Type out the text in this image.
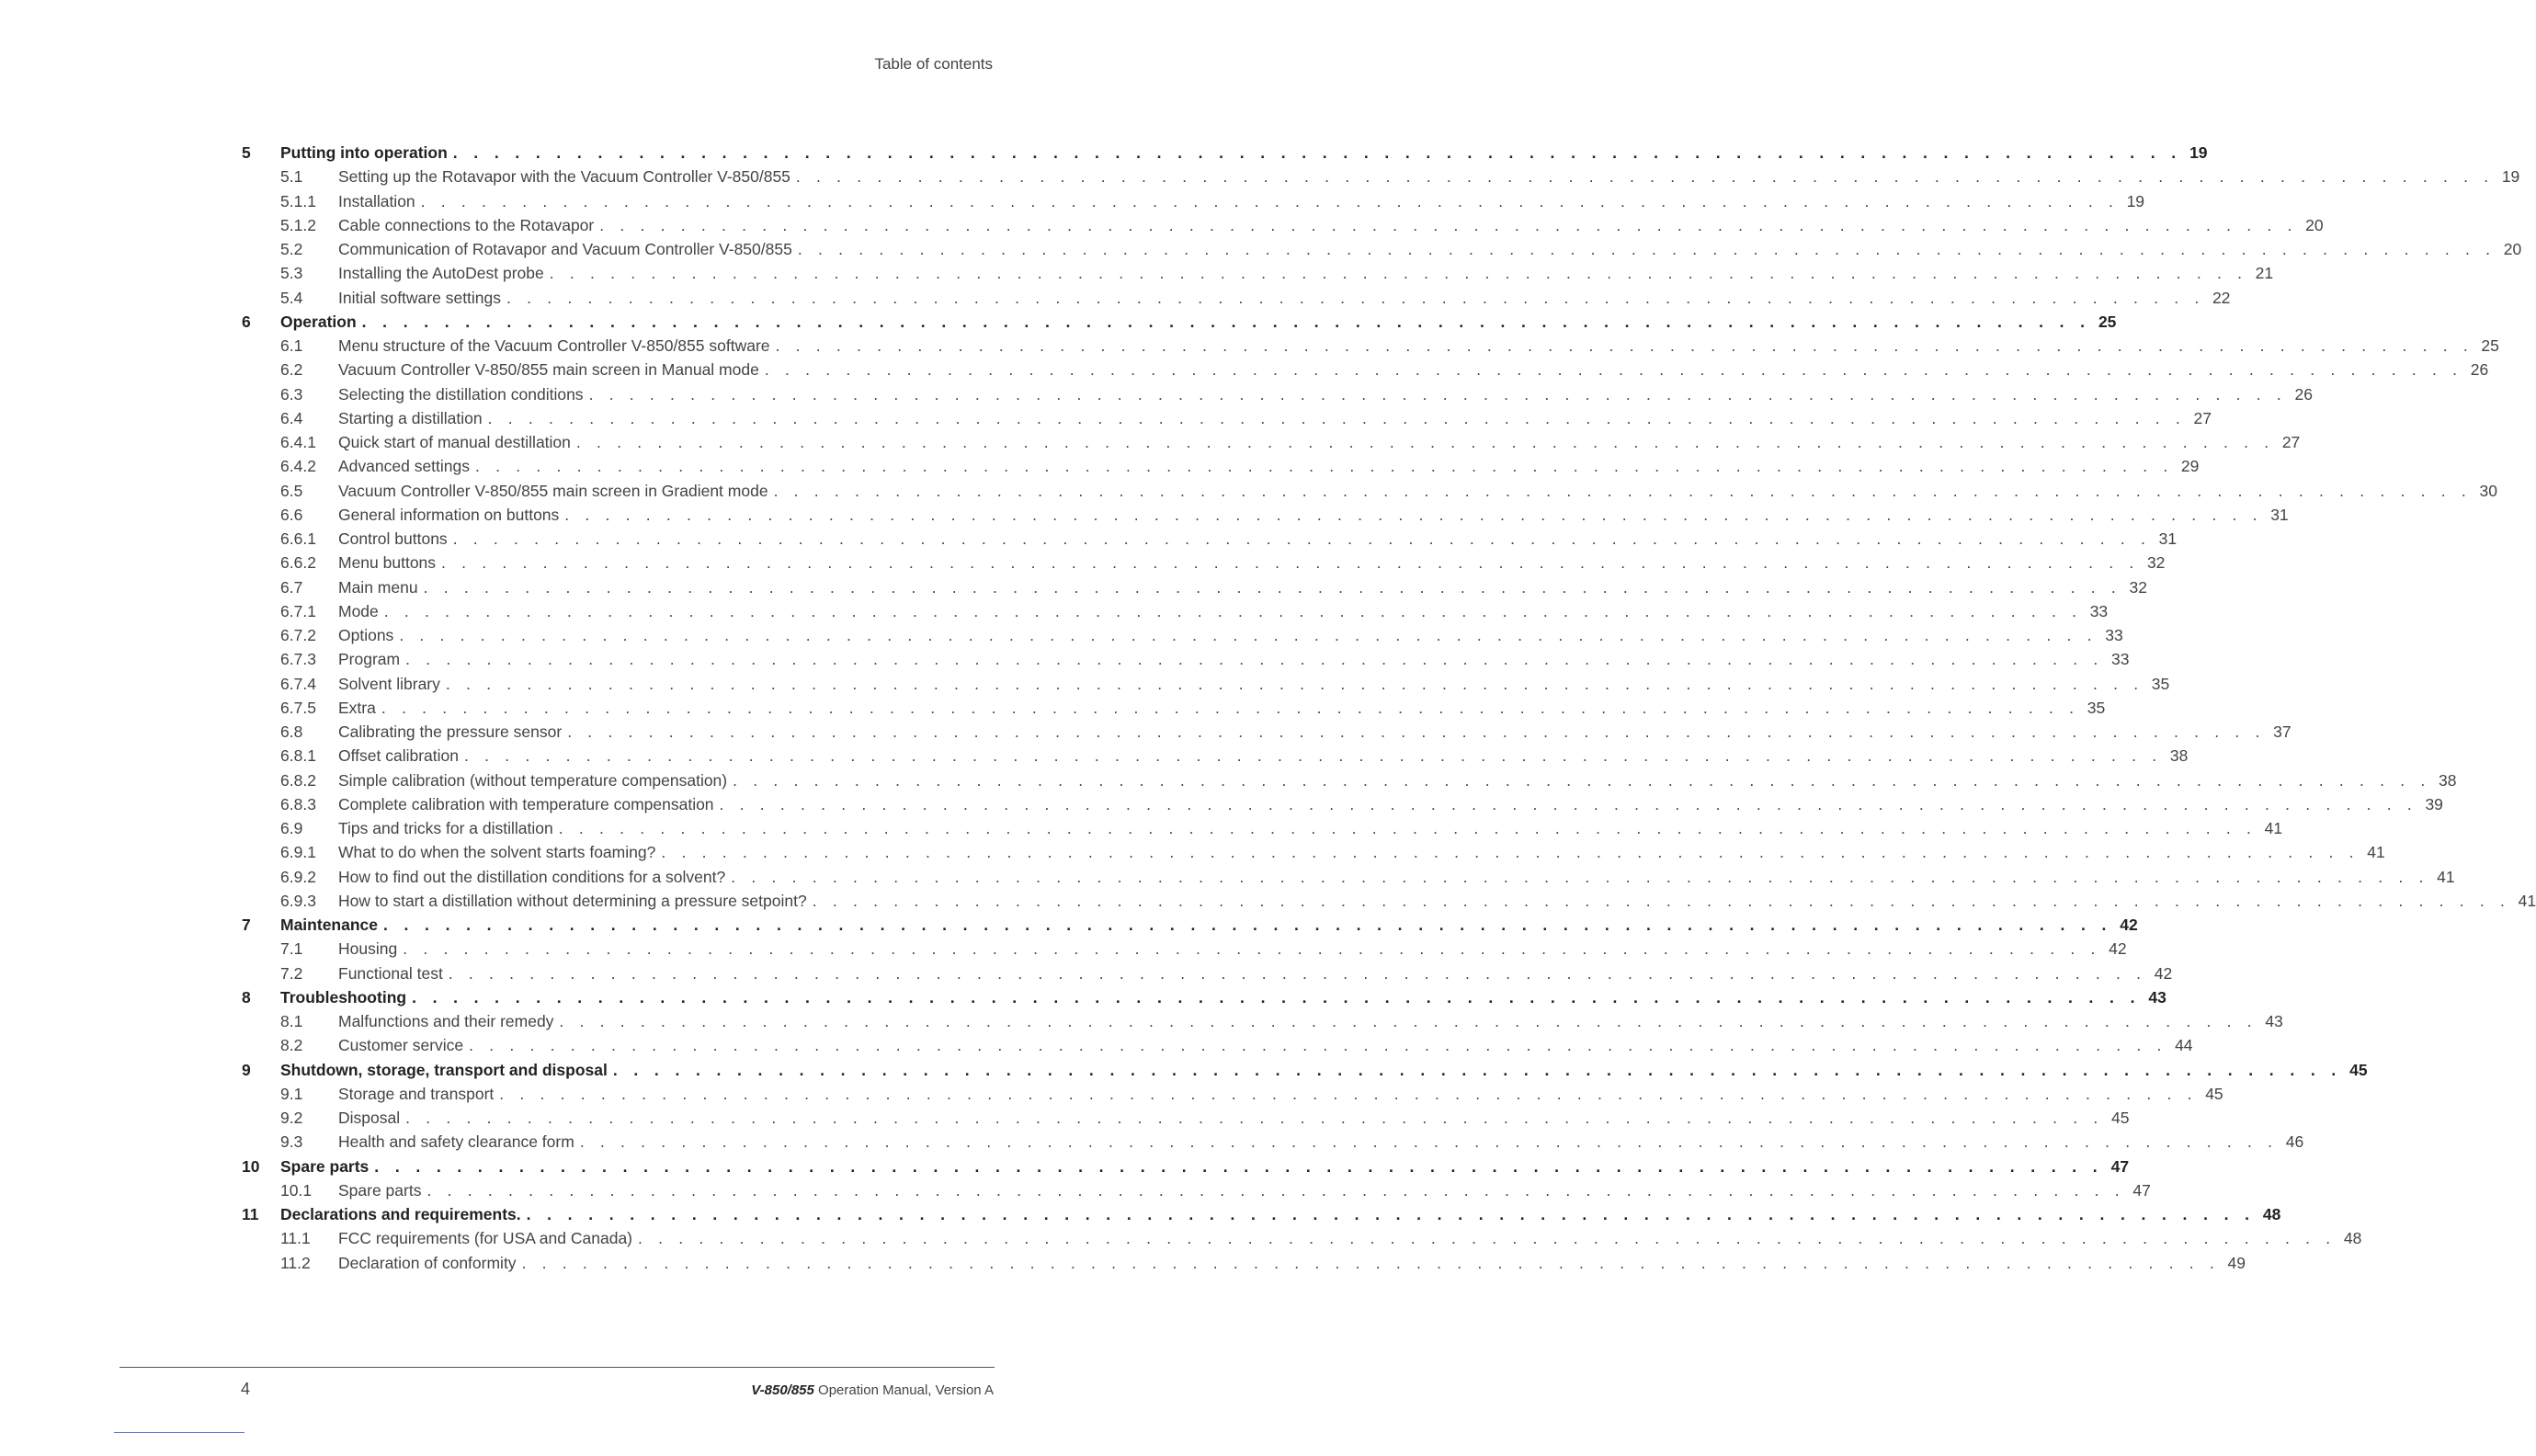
Table of contents
5 Putting into operation . . . . . . . . . . . . . . . . . . . . . . . . . . . . . . . . . . . . . . . . . . . . . . . . . . . . . . . . . . . . . . . . . . . . . . . . . . . . . . . . . . . . 19
5.1 Setting up the Rotavapor with the Vacuum Controller V-850/855 . . . . . . . . . . . . . . . . . . . . . . . . . . . . . . . . . . . . . . . . . . . . . . . . . . . . . . . . . . . . . . . . . . . . . . . . . . . . . . . . . . . . 19
5.1.1 Installation . . . . . . . . . . . . . . . . . . . . . . . . . . . . . . . . . . . . . . . . . . . . . . . . . . . . . . . . . . . . . . . . . . . . . . . . . . . . . . . . . . . . 19
5.1.2 Cable connections to the Rotavapor . . . . . . . . . . . . . . . . . . . . . . . . . . . . . . . . . . . . . . . . . . . . . . . . . . . . . . . . . . . . . . . . . . . . . . . . . . . . . . . . . . . . 20
5.2 Communication of Rotavapor and Vacuum Controller V-850/855 . . . . . . . . . . . . . . . . . . . . . . . . . . . . . . . . . . . . . . . . . . . . . . . . . . . . . . . . . . . . . . . . . . . . . . . . . . . . . . . . . . . . 20
5.3 Installing the AutoDest probe . . . . . . . . . . . . . . . . . . . . . . . . . . . . . . . . . . . . . . . . . . . . . . . . . . . . . . . . . . . . . . . . . . . . . . . . . . . . . . . . . . . . 21
5.4 Initial software settings . . . . . . . . . . . . . . . . . . . . . . . . . . . . . . . . . . . . . . . . . . . . . . . . . . . . . . . . . . . . . . . . . . . . . . . . . . . . . . . . . . . . 22
6 Operation . . . . . . . . . . . . . . . . . . . . . . . . . . . . . . . . . . . . . . . . . . . . . . . . . . . . . . . . . . . . . . . . . . . . . . . . . . . . . . . . . . . . 25
6.1 Menu structure of the Vacuum Controller V-850/855 software . . . . . . . . . . . . . . . . . . . . . . . . . . . . . . . . . . . . . . . . . . . . . . . . . . . . . . . . . . . . . . . . . . . . . . . . . . . . . . . . . . . . 25
6.2 Vacuum Controller V-850/855 main screen in Manual mode . . . . . . . . . . . . . . . . . . . . . . . . . . . . . . . . . . . . . . . . . . . . . . . . . . . . . . . . . . . . . . . . . . . . . . . . . . . . . . . . . . . . 26
6.3 Selecting the distillation conditions . . . . . . . . . . . . . . . . . . . . . . . . . . . . . . . . . . . . . . . . . . . . . . . . . . . . . . . . . . . . . . . . . . . . . . . . . . . . . . . . . . . . 26
6.4 Starting a distillation . . . . . . . . . . . . . . . . . . . . . . . . . . . . . . . . . . . . . . . . . . . . . . . . . . . . . . . . . . . . . . . . . . . . . . . . . . . . . . . . . . . . 27
6.4.1 Quick start of manual destillation . . . . . . . . . . . . . . . . . . . . . . . . . . . . . . . . . . . . . . . . . . . . . . . . . . . . . . . . . . . . . . . . . . . . . . . . . . . . . . . . . . . . 27
6.4.2 Advanced settings . . . . . . . . . . . . . . . . . . . . . . . . . . . . . . . . . . . . . . . . . . . . . . . . . . . . . . . . . . . . . . . . . . . . . . . . . . . . . . . . . . . . 29
6.5 Vacuum Controller V-850/855 main screen in Gradient mode . . . . . . . . . . . . . . . . . . . . . . . . . . . . . . . . . . . . . . . . . . . . . . . . . . . . . . . . . . . . . . . . . . . . . . . . . . . . . . . . . . . . 30
6.6 General information on buttons . . . . . . . . . . . . . . . . . . . . . . . . . . . . . . . . . . . . . . . . . . . . . . . . . . . . . . . . . . . . . . . . . . . . . . . . . . . . . . . . . . . . 31
6.6.1 Control buttons . . . . . . . . . . . . . . . . . . . . . . . . . . . . . . . . . . . . . . . . . . . . . . . . . . . . . . . . . . . . . . . . . . . . . . . . . . . . . . . . . . . . 31
6.6.2 Menu buttons . . . . . . . . . . . . . . . . . . . . . . . . . . . . . . . . . . . . . . . . . . . . . . . . . . . . . . . . . . . . . . . . . . . . . . . . . . . . . . . . . . . . 32
6.7 Main menu . . . . . . . . . . . . . . . . . . . . . . . . . . . . . . . . . . . . . . . . . . . . . . . . . . . . . . . . . . . . . . . . . . . . . . . . . . . . . . . . . . . . 32
6.7.1 Mode . . . . . . . . . . . . . . . . . . . . . . . . . . . . . . . . . . . . . . . . . . . . . . . . . . . . . . . . . . . . . . . . . . . . . . . . . . . . . . . . . . . . 33
6.7.2 Options . . . . . . . . . . . . . . . . . . . . . . . . . . . . . . . . . . . . . . . . . . . . . . . . . . . . . . . . . . . . . . . . . . . . . . . . . . . . . . . . . . . . 33
6.7.3 Program . . . . . . . . . . . . . . . . . . . . . . . . . . . . . . . . . . . . . . . . . . . . . . . . . . . . . . . . . . . . . . . . . . . . . . . . . . . . . . . . . . . . 33
6.7.4 Solvent library . . . . . . . . . . . . . . . . . . . . . . . . . . . . . . . . . . . . . . . . . . . . . . . . . . . . . . . . . . . . . . . . . . . . . . . . . . . . . . . . . . . . 35
6.7.5 Extra . . . . . . . . . . . . . . . . . . . . . . . . . . . . . . . . . . . . . . . . . . . . . . . . . . . . . . . . . . . . . . . . . . . . . . . . . . . . . . . . . . . . 35
6.8 Calibrating the pressure sensor . . . . . . . . . . . . . . . . . . . . . . . . . . . . . . . . . . . . . . . . . . . . . . . . . . . . . . . . . . . . . . . . . . . . . . . . . . . . . . . . . . . . 37
6.8.1 Offset calibration . . . . . . . . . . . . . . . . . . . . . . . . . . . . . . . . . . . . . . . . . . . . . . . . . . . . . . . . . . . . . . . . . . . . . . . . . . . . . . . . . . . . 38
6.8.2 Simple calibration (without temperature compensation) . . . . . . . . . . . . . . . . . . . . . . . . . . . . . . . . . . . . . . . . . . . . . . . . . . . . . . . . . . . . . . . . . . . . . . . . . . . . . . . . . . . . 38
6.8.3 Complete calibration with temperature compensation . . . . . . . . . . . . . . . . . . . . . . . . . . . . . . . . . . . . . . . . . . . . . . . . . . . . . . . . . . . . . . . . . . . . . . . . . . . . . . . . . . . . 39
6.9 Tips and tricks for a distillation . . . . . . . . . . . . . . . . . . . . . . . . . . . . . . . . . . . . . . . . . . . . . . . . . . . . . . . . . . . . . . . . . . . . . . . . . . . . . . . . . . . . 41
6.9.1 What to do when the solvent starts foaming? . . . . . . . . . . . . . . . . . . . . . . . . . . . . . . . . . . . . . . . . . . . . . . . . . . . . . . . . . . . . . . . . . . . . . . . . . . . . . . . . . . . . 41
6.9.2 How to find out the distillation conditions for a solvent? . . . . . . . . . . . . . . . . . . . . . . . . . . . . . . . . . . . . . . . . . . . . . . . . . . . . . . . . . . . . . . . . . . . . . . . . . . . . . . . . . . . . 41
6.9.3 How to start a distillation without determining a pressure setpoint? . . . . . . . . . . . . . . . . . . . . . . . . . . . . . . . . . . . . . . . . . . . . . . . . . . . . . . . . . . . . . . . . . . . . . . . . . . . . . . . . . . . . 41
7 Maintenance . . . . . . . . . . . . . . . . . . . . . . . . . . . . . . . . . . . . . . . . . . . . . . . . . . . . . . . . . . . . . . . . . . . . . . . . . . . . . . . . . . . . 42
7.1 Housing . . . . . . . . . . . . . . . . . . . . . . . . . . . . . . . . . . . . . . . . . . . . . . . . . . . . . . . . . . . . . . . . . . . . . . . . . . . . . . . . . . . . 42
7.2 Functional test . . . . . . . . . . . . . . . . . . . . . . . . . . . . . . . . . . . . . . . . . . . . . . . . . . . . . . . . . . . . . . . . . . . . . . . . . . . . . . . . . . . . 42
8 Troubleshooting . . . . . . . . . . . . . . . . . . . . . . . . . . . . . . . . . . . . . . . . . . . . . . . . . . . . . . . . . . . . . . . . . . . . . . . . . . . . . . . . . . . . 43
8.1 Malfunctions and their remedy . . . . . . . . . . . . . . . . . . . . . . . . . . . . . . . . . . . . . . . . . . . . . . . . . . . . . . . . . . . . . . . . . . . . . . . . . . . . . . . . . . . . 43
8.2 Customer service . . . . . . . . . . . . . . . . . . . . . . . . . . . . . . . . . . . . . . . . . . . . . . . . . . . . . . . . . . . . . . . . . . . . . . . . . . . . . . . . . . . . 44
9 Shutdown, storage, transport and disposal . . . . . . . . . . . . . . . . . . . . . . . . . . . . . . . . . . . . . . . . . . . . . . . . . . . . . . . . . . . . . . . . . . . . . . . . . . . . . . . . . . . . 45
9.1 Storage and transport . . . . . . . . . . . . . . . . . . . . . . . . . . . . . . . . . . . . . . . . . . . . . . . . . . . . . . . . . . . . . . . . . . . . . . . . . . . . . . . . . . . . 45
9.2 Disposal . . . . . . . . . . . . . . . . . . . . . . . . . . . . . . . . . . . . . . . . . . . . . . . . . . . . . . . . . . . . . . . . . . . . . . . . . . . . . . . . . . . . 45
9.3 Health and safety clearance form . . . . . . . . . . . . . . . . . . . . . . . . . . . . . . . . . . . . . . . . . . . . . . . . . . . . . . . . . . . . . . . . . . . . . . . . . . . . . . . . . . . . 46
10 Spare parts . . . . . . . . . . . . . . . . . . . . . . . . . . . . . . . . . . . . . . . . . . . . . . . . . . . . . . . . . . . . . . . . . . . . . . . . . . . . . . . . . . . . 47
10.1 Spare parts . . . . . . . . . . . . . . . . . . . . . . . . . . . . . . . . . . . . . . . . . . . . . . . . . . . . . . . . . . . . . . . . . . . . . . . . . . . . . . . . . . . . 47
11 Declarations and requirements. . . . . . . . . . . . . . . . . . . . . . . . . . . . . . . . . . . . . . . . . . . . . . . . . . . . . . . . . . . . . . . . . . . . . . . . . . . . . . . . . . . . . 48
11.1 FCC requirements (for USA and Canada) . . . . . . . . . . . . . . . . . . . . . . . . . . . . . . . . . . . . . . . . . . . . . . . . . . . . . . . . . . . . . . . . . . . . . . . . . . . . . . . . . . . . 48
11.2 Declaration of conformity . . . . . . . . . . . . . . . . . . . . . . . . . . . . . . . . . . . . . . . . . . . . . . . . . . . . . . . . . . . . . . . . . . . . . . . . . . . . . . . . . . . . 49
4	V-850/855 Operation Manual, Version A
